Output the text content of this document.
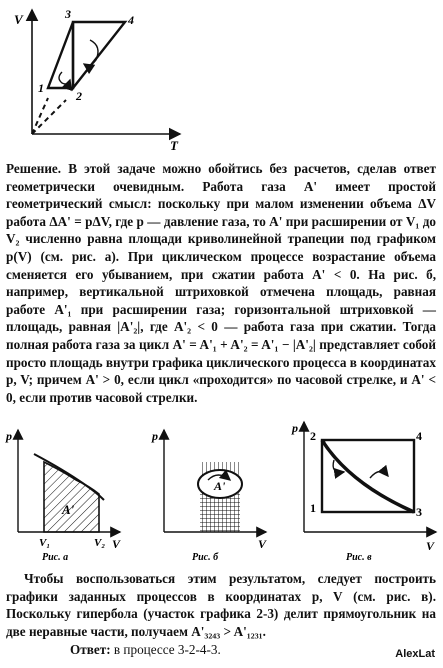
V
T
1
2
3	4
Решение. В этой задаче можно обойтись без расчетов, сделав ответ геометрически очевидным. Работа газа A' имеет простой геометрический смысл: поскольку при малом изменении объема ΔV работа ΔA' = pΔV, где p — давление газа, то A' при расширении от V₁ до V₂ численно равна площади криволинейной трапеции под графиком p(V) (см. рис. а). При циклическом процессе возрастание объема сменяется его убыванием, при сжатии работа A' < 0. На рис. б, например, вертикальной штриховкой отмечена площадь, равная работе A'₁ при расширении газа; горизонтальной штриховкой — площадь, равная |A'₂|, где A'₂ < 0 — работа газа при сжатии. Тогда полная работа газа за цикл A' = A'₁ + A'₂ = A'₁ − |A'₂| представляет собой просто площадь внутри графика циклического процесса в координатах p, V; причем A' > 0, если цикл «проходится» по часовой стрелке, и A' < 0, если против часовой стрелки.
p
V
A'
V₁	V₂
Рис. а
p
V
A'
Рис. б
p
V
1
2
3
4
Рис. в
Чтобы воспользоваться этим результатом, следует построить графики заданных процессов в координатах p, V (см. рис. в). Поскольку гипербола (участок графика 2-3) делит прямоугольник на две неравные части, получаем A'₃₂₄₃ > A'₁₂₃₁.
Ответ: в процессе 3-2-4-3.	AlexLat
